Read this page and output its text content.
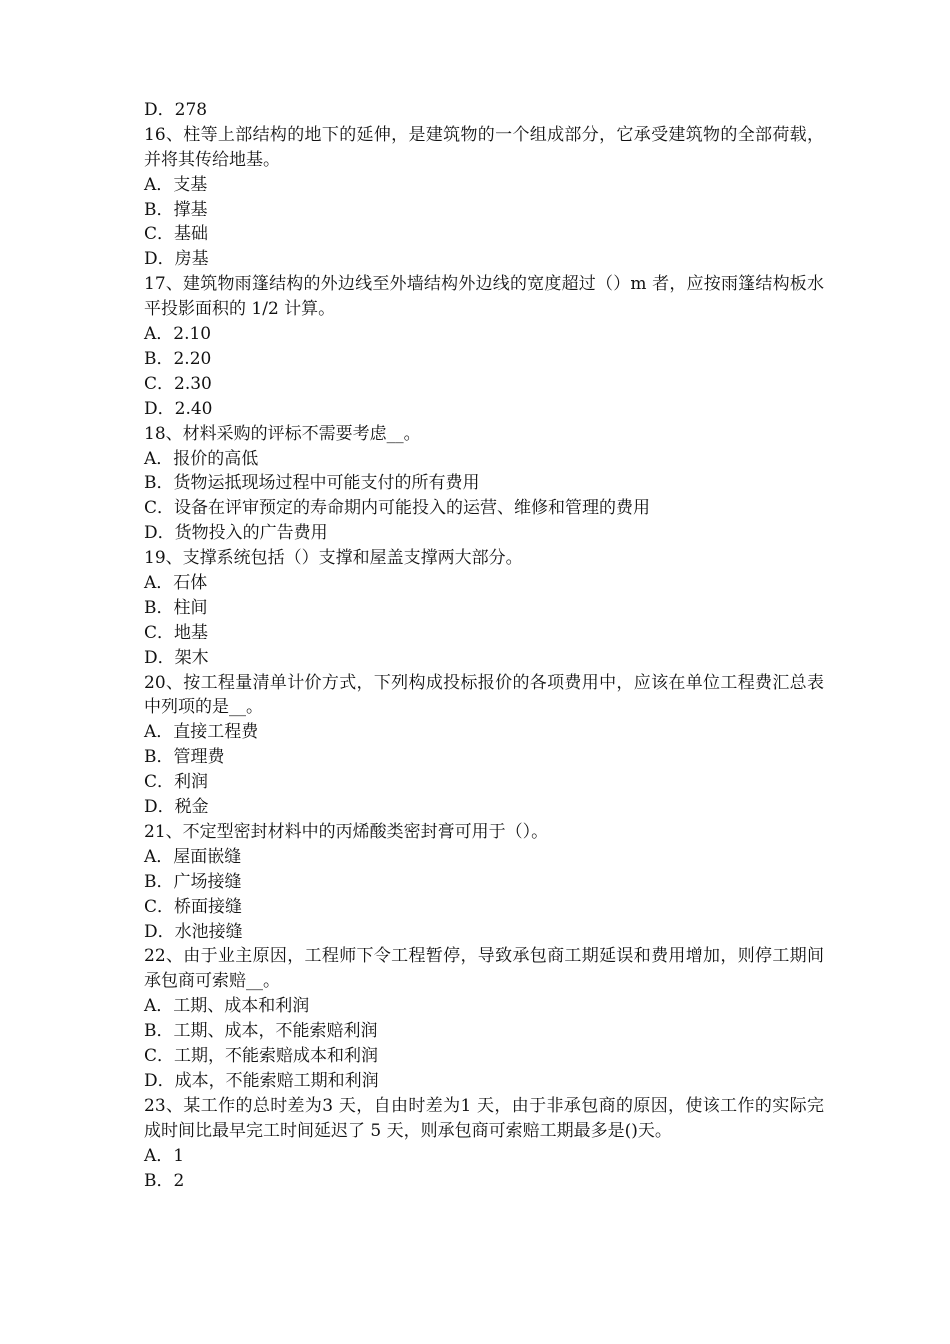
D．278
16、柱等上部结构的地下的延伸，是建筑物的一个组成部分，它承受建筑物的全部荷载，并将其传给地基。
A．支基
B．撑基
C．基础
D．房基
17、建筑物雨篷结构的外边线至外墙结构外边线的宽度超过（）m 者，应按雨篷结构板水平投影面积的 1/2 计算。
A．2.10
B．2.20
C．2.30
D．2.40
18、材料采购的评标不需要考虑__。
A．报价的高低
B．货物运抵现场过程中可能支付的所有费用
C．设备在评审预定的寿命期内可能投入的运营、维修和管理的费用
D．货物投入的广告费用
19、支撑系统包括（）支撑和屋盖支撑两大部分。
A．石体
B．柱间
C．地基
D．架木
20、按工程量清单计价方式，下列构成投标报价的各项费用中，应该在单位工程费汇总表中列项的是__。
A．直接工程费
B．管理费
C．利润
D．税金
21、不定型密封材料中的丙烯酸类密封膏可用于（）。
A．屋面嵌缝
B．广场接缝
C．桥面接缝
D．水池接缝
22、由于业主原因，工程师下令工程暂停，导致承包商工期延误和费用增加，则停工期间承包商可索赔__。
A．工期、成本和利润
B．工期、成本，不能索赔利润
C．工期，不能索赔成本和利润
D．成本，不能索赔工期和利润
23、某工作的总时差为3 天，自由时差为1 天，由于非承包商的原因，使该工作的实际完成时间比最早完工时间延迟了 5 天，则承包商可索赔工期最多是()天。
A．1
B．2
